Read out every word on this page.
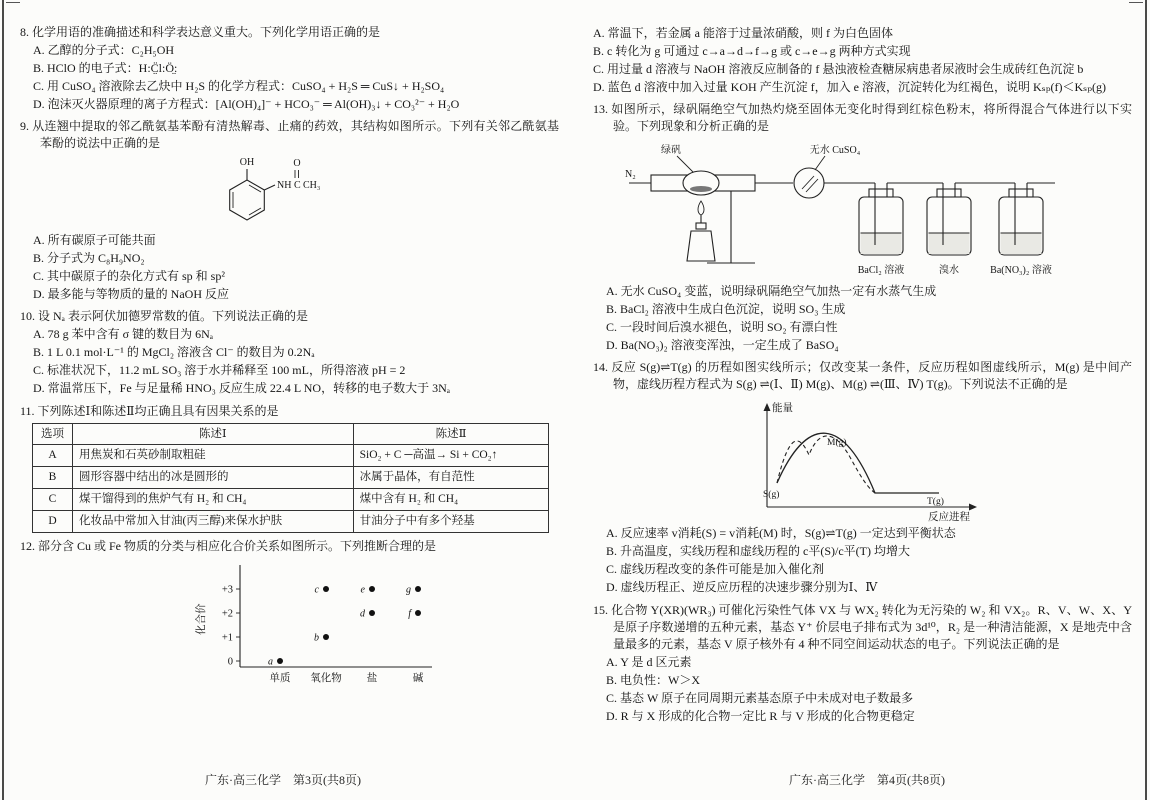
8. 化学用语的准确描述和科学表达意义重大。下列化学用语正确的是
A. 乙醇的分子式：C₂H₅OH
B. HClO 的电子式：H:C̤̈l:Ö̤:
C. 用 CuSO₄ 溶液除去乙炔中 H₂S 的化学方程式：CuSO₄ + H₂S ═ CuS↓ + H₂SO₄
D. 泡沫灭火器原理的离子方程式：[Al(OH)₄]⁻ + HCO₃⁻ ═ Al(OH)₃↓ + CO₃²⁻ + H₂O
9. 从连翘中提取的邻乙酰氨基苯酚有清热解毒、止痛的药效，其结构如图所示。下列有关邻乙酰氨基苯酚的说法中正确的是
OH
NH C
O
CH₃
A. 所有碳原子可能共面
B. 分子式为 C₈H₉NO₂
C. 其中碳原子的杂化方式有 sp 和 sp²
D. 最多能与等物质的量的 NaOH 反应
10. 设 Nₐ 表示阿伏加德罗常数的值。下列说法正确的是
A. 78 g 苯中含有 σ 键的数目为 6Nₐ
B. 1 L 0.1 mol·L⁻¹ 的 MgCl₂ 溶液含 Cl⁻ 的数目为 0.2Nₐ
C. 标准状况下，11.2 mL SO₃ 溶于水并稀释至 100 mL，所得溶液 pH = 2
D. 常温常压下，Fe 与足量稀 HNO₃ 反应生成 22.4 L NO，转移的电子数大于 3Nₐ
11. 下列陈述Ⅰ和陈述Ⅱ均正确且具有因果关系的是
选项	陈述Ⅰ	陈述Ⅱ
A	用焦炭和石英砂制取粗硅	SiO₂ + C ─高温→ Si + CO₂↑
B	圆形容器中结出的冰是圆形的	冰属于晶体，有自范性
C	煤干馏得到的焦炉气有 H₂ 和 CH₄	煤中含有 H₂ 和 CH₄
D	化妆品中常加入甘油(丙三醇)来保水护肤	甘油分子中有多个羟基
12. 部分含 Cu 或 Fe 物质的分类与相应化合价关系如图所示。下列推断合理的是
化合价
单质 氧化物 盐	碱
+3
+2
+1
0	a
b
c
d
e
f
g
A. 常温下，若金属 a 能溶于过量浓硝酸，则 f 为白色固体
B. c 转化为 g 可通过 c→a→d→f→g 或 c→e→g 两种方式实现
C. 用过量 d 溶液与 NaOH 溶液反应制备的 f 悬浊液检查糖尿病患者尿液时会生成砖红色沉淀 b
D. 蓝色 d 溶液中加入过量 KOH 产生沉淀 f，加入 e 溶液，沉淀转化为红褐色，说明 Kₛₚ(f)＜Kₛₚ(g)
13. 如图所示，绿矾隔绝空气加热灼烧至固体无变化时得到红棕色粉末，将所得混合气体进行以下实验。下列现象和分析正确的是
N₂
绿矾	无水 CuSO₄
BaCl₂ 溶液	溴水	Ba(NO₃)₂ 溶液
A. 无水 CuSO₄ 变蓝，说明绿矾隔绝空气加热一定有水蒸气生成
B. BaCl₂ 溶液中生成白色沉淀，说明 SO₃ 生成
C. 一段时间后溴水褪色，说明 SO₂ 有漂白性
D. Ba(NO₃)₂ 溶液变浑浊，一定生成了 BaSO₄
14. 反应 S(g)⇌T(g) 的历程如图实线所示；仅改变某一条件，反应历程如图虚线所示，M(g) 是中间产物，虚线历程方程式为 S(g) ⇌(Ⅰ、Ⅱ) M(g)、M(g) ⇌(Ⅲ、Ⅳ) T(g)。下列说法不正确的是
能量
反应进程
S(g)
M(g)
T(g)
A. 反应速率 v消耗(S) = v消耗(M) 时，S(g)⇌T(g) 一定达到平衡状态
B. 升高温度，实线历程和虚线历程的 c平(S)/c平(T) 均增大
C. 虚线历程改变的条件可能是加入催化剂
D. 虚线历程正、逆反应历程的决速步骤分别为Ⅰ、Ⅳ
15. 化合物 Y(XR)(WR₃) 可催化污染性气体 VX 与 WX₂ 转化为无污染的 W₂ 和 VX₂。R、V、W、X、Y 是原子序数递增的五种元素，基态 Y⁺ 价层电子排布式为 3d¹⁰，R₂ 是一种清洁能源，X 是地壳中含量最多的元素，基态 V 原子核外有 4 种不同空间运动状态的电子。下列说法正确的是
A. Y 是 d 区元素
B. 电负性：W＞X
C. 基态 W 原子在同周期元素基态原子中未成对电子数最多
D. R 与 X 形成的化合物一定比 R 与 V 形成的化合物更稳定
广东·高三化学　第3页(共8页)	广东·高三化学　第4页(共8页)
